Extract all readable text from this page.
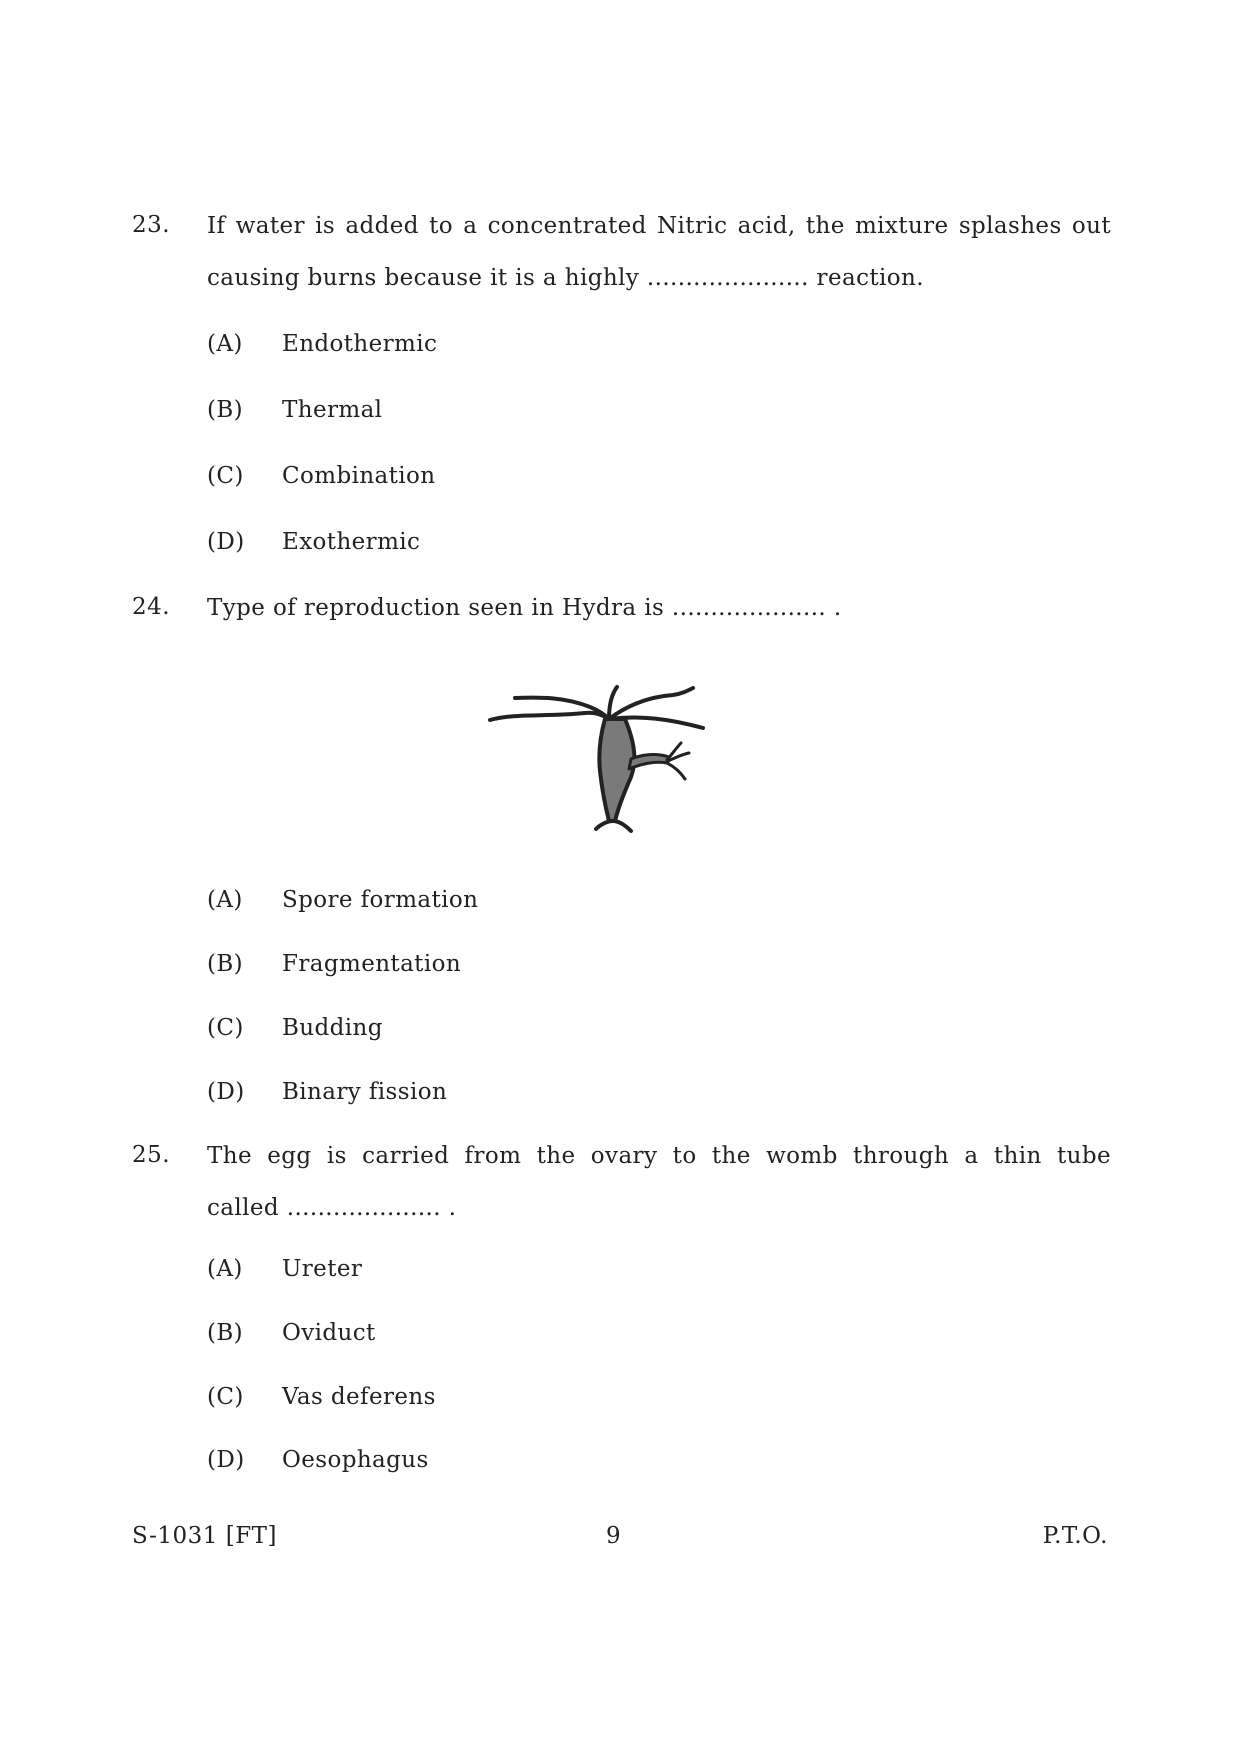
23. If water is added to a concentrated Nitric acid, the mixture splashes out
causing burns because it is a highly ..................... reaction.
(A)	Endothermic
(B)	Thermal
(C)	Combination
(D)	Exothermic
24. Type of reproduction seen in Hydra is .................... .
(A)	Spore formation
(B)	Fragmentation
(C)	Budding
(D)	Binary fission
25. The egg is carried from the ovary to the womb through a thin tube
called .................... .
(A)	Ureter
(B)	Oviduct
(C)	Vas deferens
(D)	Oesophagus
S-1031 [FT]	9	P.T.O.
